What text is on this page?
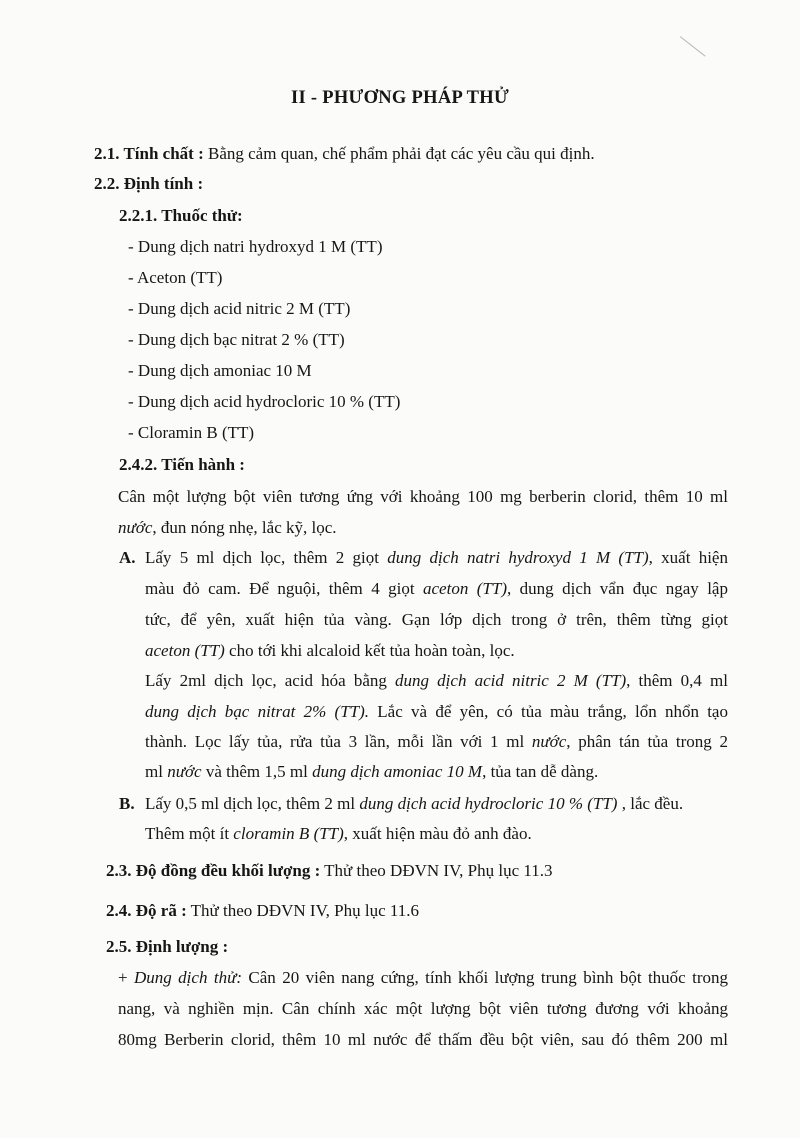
II - PHƯƠNG PHÁP THỬ
2.1. Tính chất : Bằng cảm quan, chế phẩm phải đạt các yêu cầu qui định.
2.2. Định tính :
2.2.1. Thuốc thử:
- Dung dịch natri hydroxyd 1 M (TT)
- Aceton (TT)
- Dung dịch acid nitric 2 M (TT)
- Dung dịch bạc nitrat 2 % (TT)
- Dung dịch amoniac 10 M
- Dung dịch acid hydrocloric 10 % (TT)
- Cloramin B (TT)
2.4.2. Tiến hành :
Cân một lượng bột viên tương ứng với khoảng 100 mg berberin clorid, thêm 10 ml
nước, đun nóng nhẹ, lắc kỹ, lọc.
A. Lấy 5 ml dịch lọc, thêm 2 giọt dung dịch natri hydroxyd 1 M (TT), xuất hiện
màu đỏ cam. Để nguội, thêm 4 giọt aceton (TT), dung dịch vẩn đục ngay lập
tức, để yên, xuất hiện tủa vàng. Gạn lớp dịch trong ở trên, thêm từng giọt
aceton (TT) cho tới khi alcaloid kết tủa hoàn toàn, lọc.
Lấy 2ml dịch lọc, acid hóa bằng dung dịch acid nitric 2 M (TT), thêm 0,4 ml
dung dịch bạc nitrat 2% (TT). Lắc và để yên, có tủa màu trắng, lổn nhổn tạo
thành. Lọc lấy tủa, rửa tủa 3 lần, mỗi lần với 1 ml nước, phân tán tủa trong 2
ml nước và thêm 1,5 ml dung dịch amoniac 10 M, tủa tan dễ dàng.
B. Lấy 0,5 ml dịch lọc, thêm 2 ml dung dịch acid hydrocloric 10 % (TT) , lắc đều.
Thêm một ít cloramin B (TT), xuất hiện màu đỏ anh đào.
2.3. Độ đồng đều khối lượng : Thử theo DĐVN IV, Phụ lục 11.3
2.4. Độ rã : Thử theo DĐVN IV, Phụ lục 11.6
2.5. Định lượng :
+ Dung dịch thử: Cân 20 viên nang cứng, tính khối lượng trung bình bột thuốc trong
nang, và nghiền mịn. Cân chính xác một lượng bột viên tương đương với khoảng
80mg Berberin clorid, thêm 10 ml nước để thấm đều bột viên, sau đó thêm 200 ml
